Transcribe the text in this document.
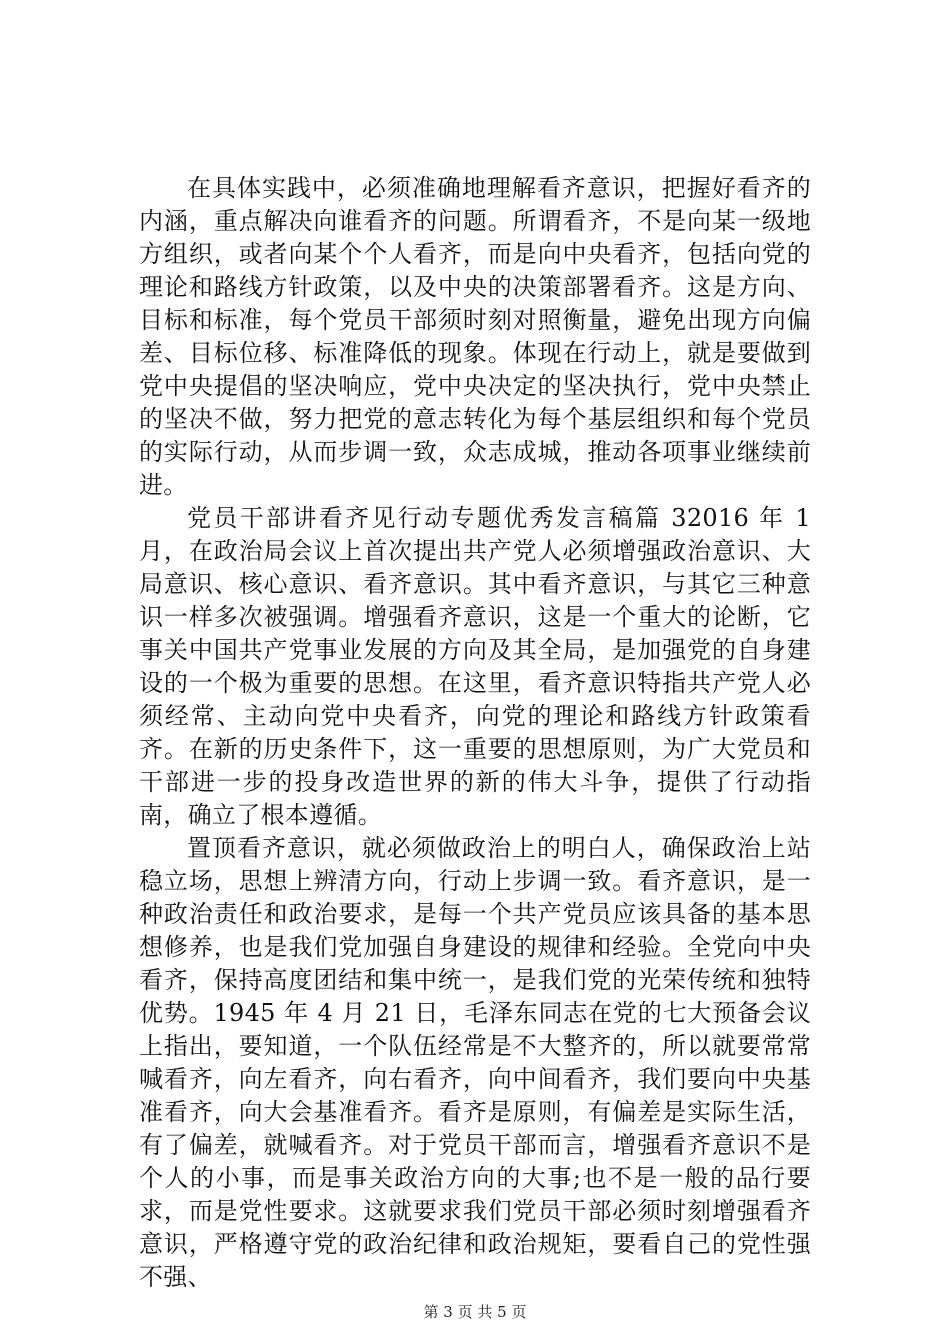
在具体实践中，必须准确地理解看齐意识，把握好看齐的内涵，重点解决向谁看齐的问题。所谓看齐，不是向某一级地方组织，或者向某个个人看齐，而是向中央看齐，包括向党的理论和路线方针政策，以及中央的决策部署看齐。这是方向、目标和标准，每个党员干部须时刻对照衡量，避免出现方向偏差、目标位移、标准降低的现象。体现在行动上，就是要做到党中央提倡的坚决响应，党中央决定的坚决执行，党中央禁止的坚决不做，努力把党的意志转化为每个基层组织和每个党员的实际行动，从而步调一致，众志成城，推动各项事业继续前进。

党员干部讲看齐见行动专题优秀发言稿篇 32016 年 1 月，在政治局会议上首次提出共产党人必须增强政治意识、大局意识、核心意识、看齐意识。其中看齐意识，与其它三种意识一样多次被强调。增强看齐意识，这是一个重大的论断，它事关中国共产党事业发展的方向及其全局，是加强党的自身建设的一个极为重要的思想。在这里，看齐意识特指共产党人必须经常、主动向党中央看齐，向党的理论和路线方针政策看齐。在新的历史条件下，这一重要的思想原则，为广大党员和干部进一步的投身改造世界的新的伟大斗争，提供了行动指南，确立了根本遵循。

置顶看齐意识，就必须做政治上的明白人，确保政治上站稳立场，思想上辨清方向，行动上步调一致。看齐意识，是一种政治责任和政治要求，是每一个共产党员应该具备的基本思想修养，也是我们党加强自身建设的规律和经验。全党向中央看齐，保持高度团结和集中统一，是我们党的光荣传统和独特优势。1945 年 4 月 21 日，毛泽东同志在党的七大预备会议上指出，要知道，一个队伍经常是不大整齐的，所以就要常常喊看齐，向左看齐，向右看齐，向中间看齐，我们要向中央基准看齐，向大会基准看齐。看齐是原则，有偏差是实际生活，有了偏差，就喊看齐。对于党员干部而言，增强看齐意识不是个人的小事，而是事关政治方向的大事;也不是一般的品行要求，而是党性要求。这就要求我们党员干部必须时刻增强看齐意识，严格遵守党的政治纪律和政治规矩，要看自己的党性强不强、

第 3 页 共 5 页
